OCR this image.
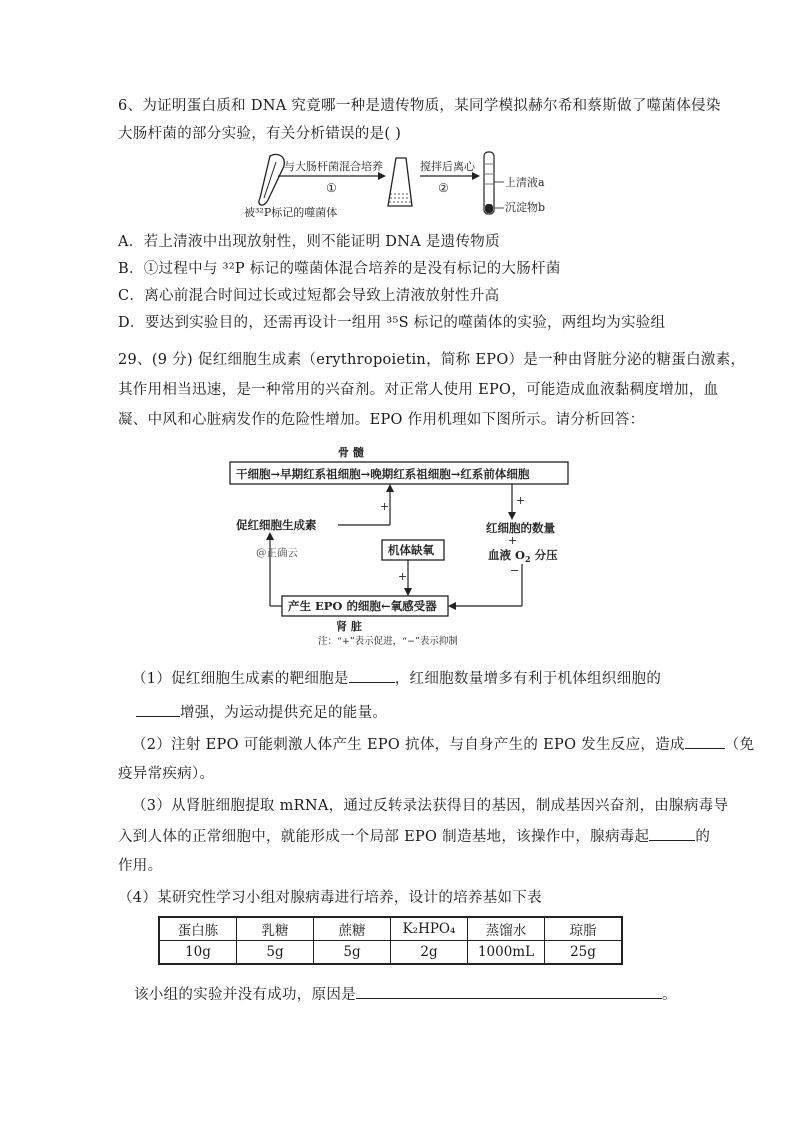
6、为证明蛋白质和 DNA 究竟哪一种是遗传物质，某同学模拟赫尔希和蔡斯做了噬菌体侵染
大肠杆菌的部分实验，有关分析错误的是( )
被³²P标记的噬菌体
与大肠杆菌混合培养
①
搅拌后离心
②	上清液a
沉淀物b
A．若上清液中出现放射性，则不能证明 DNA 是遗传物质
B．①过程中与 ³²P 标记的噬菌体混合培养的是没有标记的大肠杆菌
C．离心前混合时间过长或过短都会导致上清液放射性升高
D．要达到实验目的，还需再设计一组用 ³⁵S 标记的噬菌体的实验，两组均为实验组
29、(9 分) 促红细胞生成素（erythropoietin，简称 EPO）是一种由肾脏分泌的糖蛋白激素，
其作用相当迅速，是一种常用的兴奋剂。对正常人使用 EPO，可能造成血液黏稠度增加，血
凝、中风和心脏病发作的危险性增加。EPO 作用机理如下图所示。请分析回答：
骨 髓
干细胞→早期红系祖细胞→晚期红系祖细胞→红系前体细胞
促红细胞生成素
+	+
红细胞的数量
+
血液 $O_2$ 分压
−
@正确云	机体缺氧
+
产生 EPO 的细胞←氧感受器
肾 脏
注：“+”表示促进，“−”表示抑制
（1）促红细胞生成素的靶细胞是	，红细胞数量增多有利于机体组织细胞的
增强，为运动提供充足的能量。
（2）注射 EPO 可能刺激人体产生 EPO 抗体，与自身产生的 EPO 发生反应，造成	（免
疫异常疾病）。
（3）从肾脏细胞提取 mRNA，通过反转录法获得目的基因，制成基因兴奋剂，由腺病毒导
入到人体的正常细胞中，就能形成一个局部 EPO 制造基地，该操作中，腺病毒起	的
作用。
（4）某研究性学习小组对腺病毒进行培养，设计的培养基如下表
蛋白胨	乳糖	蔗糖	K₂HPO₄	蒸馏水	琼脂
10g	5g	5g	2g	1000mL	25g
该小组的实验并没有成功，原因是	。
